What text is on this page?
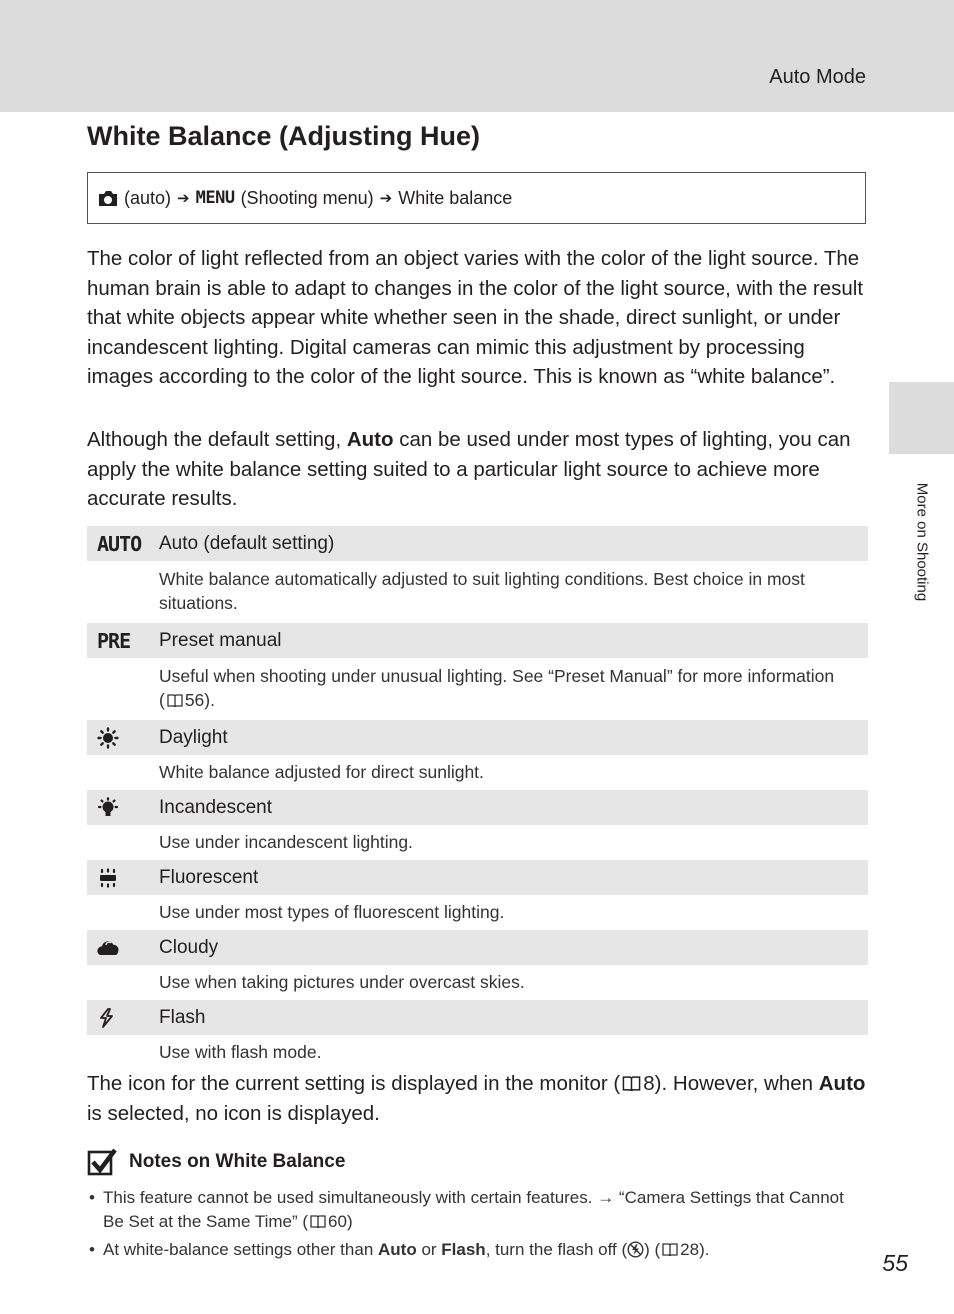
Auto Mode
More on Shooting
White Balance (Adjusting Hue)
(auto) ➔ MENU (Shooting menu) ➔ White balance

The color of light reflected from an object varies with the color of the light source. The human brain is able to adapt to changes in the color of the light source, with the result that white objects appear white whether seen in the shade, direct sunlight, or under incandescent lighting. Digital cameras can mimic this adjustment by processing images according to the color of the light source. This is known as “white balance”.

Although the default setting, Auto can be used under most types of lighting, you can apply the white balance setting suited to a particular light source to achieve more accurate results.

AUTO Auto (default setting)
White balance automatically adjusted to suit lighting conditions. Best choice in most situations.
PRE	Preset manual
Useful when shooting under unusual lighting. See “Preset Manual” for more information ( 56).
Daylight
White balance adjusted for direct sunlight.
Incandescent
Use under incandescent lighting.
Fluorescent
Use under most types of fluorescent lighting.
Cloudy
Use when taking pictures under overcast skies.
Flash
Use with flash mode.

The icon for the current setting is displayed in the monitor ( 8). However, when Auto is selected, no icon is displayed.

Notes on White Balance
• This feature cannot be used simultaneously with certain features. → “Camera Settings that Cannot Be Set at the Same Time” ( 60)
• At white-balance settings other than Auto or Flash, turn the flash off ( ) ( 28).
55
